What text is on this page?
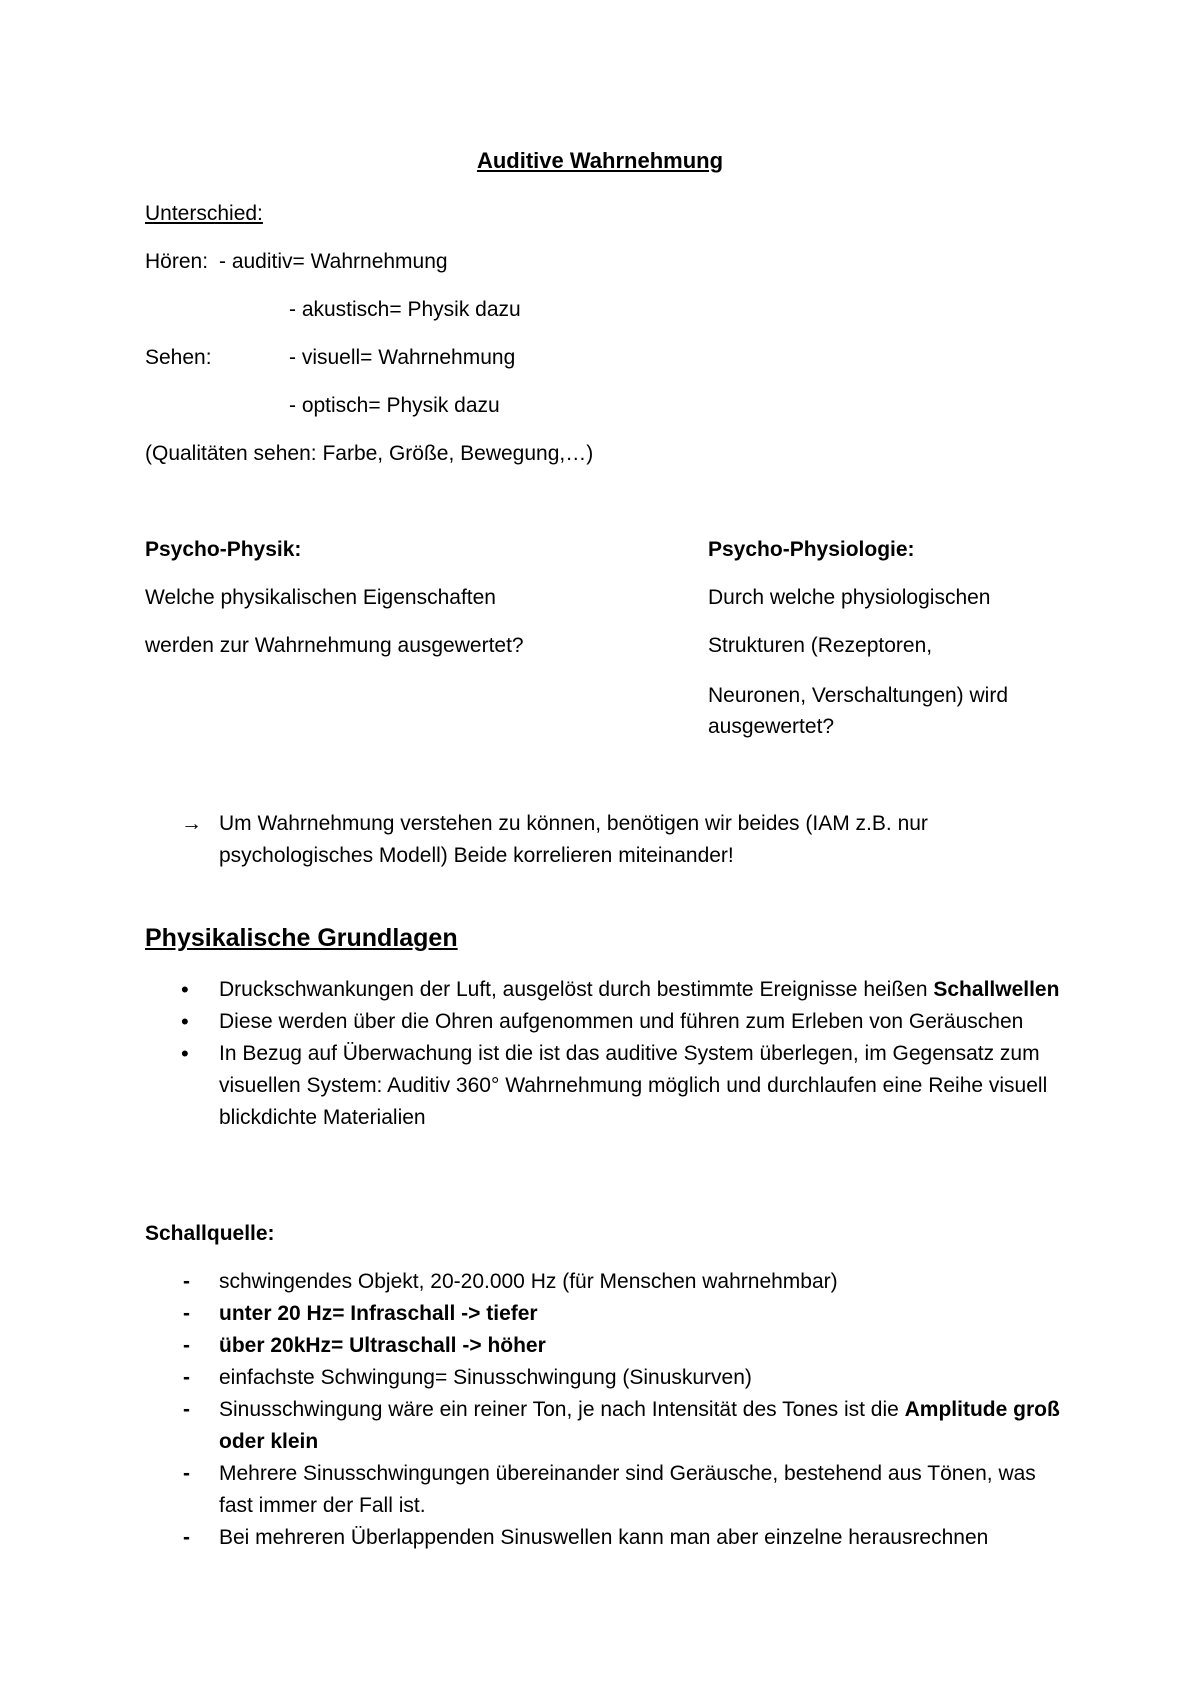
Auditive Wahrnehmung
Unterschied:
Hören: - auditiv= Wahrnehmung
- akustisch= Physik dazu
Sehen:	- visuell= Wahrnehmung
- optisch= Physik dazu
(Qualitäten sehen: Farbe, Größe, Bewegung,…)
Psycho-Physik:
Welche physikalischen Eigenschaften
werden zur Wahrnehmung ausgewertet?
Psycho-Physiologie:
Durch welche physiologischen
Strukturen (Rezeptoren,
Neuronen, Verschaltungen) wird
ausgewertet?
→ Um Wahrnehmung verstehen zu können, benötigen wir beides (IAM z.B. nur psychologisches Modell) Beide korrelieren miteinander!
Physikalische Grundlagen
• Druckschwankungen der Luft, ausgelöst durch bestimmte Ereignisse heißen Schallwellen
• Diese werden über die Ohren aufgenommen und führen zum Erleben von Geräuschen
• In Bezug auf Überwachung ist die ist das auditive System überlegen, im Gegensatz zum visuellen System: Auditiv 360° Wahrnehmung möglich und durchlaufen eine Reihe visuell blickdichte Materialien
Schallquelle:
- schwingendes Objekt, 20-20.000 Hz (für Menschen wahrnehmbar)
- unter 20 Hz= Infraschall -> tiefer
- über 20kHz= Ultraschall -> höher
- einfachste Schwingung= Sinusschwingung (Sinuskurven)
- Sinusschwingung wäre ein reiner Ton, je nach Intensität des Tones ist die Amplitude groß oder klein
- Mehrere Sinusschwingungen übereinander sind Geräusche, bestehend aus Tönen, was fast immer der Fall ist.
- Bei mehreren Überlappenden Sinuswellen kann man aber einzelne herausrechnen
